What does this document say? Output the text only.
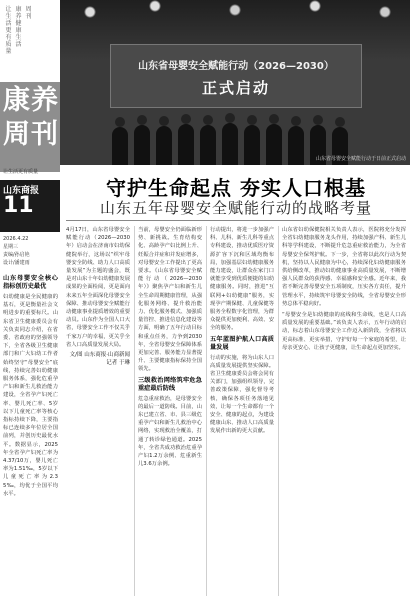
让生活更有质量
康养健康生活
周刊
康养
周刊
让生活更有质量
山东商报
11
2026.4.22
星期三
责编/孙启艳
设计/潘建雨
山东母婴安全核心指标创历史最优
妇幼健康是全民健康的基石，更是衡量社会文明进步的重要标尺。山东省卫生健康委员会有关负责同志介绍，在省委、省政府的坚强领导下，全省各级卫生健康部门和广大妇幼工作者始终坚守“母婴安全”底线，持续完善妇幼健康服务体系，强化危重孕产妇和新生儿救治能力建设，全省孕产妇死亡率、婴儿死亡率、5岁以下儿童死亡率等核心指标持续下降，主要指标已连续多年位居全国前列，并创历史最优水平。数据显示，2025年全省孕产妇死亡率为4.37/10万，婴儿死亡率为1.51‰，5岁以下儿童死亡率为2.35‰，均优于全国平均水平。
山东省母婴安全赋能行动（2026—2030）
正式启动
山东省母婴安全赋能行动于日前正式启动
守护生命起点 夯实人口根基
山东五年母婴安全赋能行动的战略考量
4月17日，山东省母婴安全赋能行动（2026—2030年）启动会在济南市妇幼保健院举行，这场以“织牢母婴安全防线、助力人口高质量发展”为主题的盛会，既是对山东十年妇幼健康发展成果的全面检阅，更是面向未来五年全面深化母婴安全保障、推动母婴安全赋能行动健康事业提质增效的重要动员。山东作为全国人口大省，母婴安全工作不仅关乎千家万户的幸福，更关乎全省人口高质量发展大局。
文/图 山东商报·山商新闻记者 于琳
当前，母婴安全仍面临新形势、新挑战。生育结构变化、高龄孕产妇比例上升、妊娠合并症和并发症增多，对母婴安全工作提出了更高要求。《山东省母婴安全赋能行动（2026—2030年）》聚焦孕产妇和新生儿全生命周期健康管理，从强化服务网络、提升救治能力、优化服务模式、加强质量管控、推进信息化建设等方面，明确了五年行动目标和重点任务，力争到2030年，全省母婴安全保障体系更加完善、服务能力显著提升、主要健康指标保持全国领先。
三级救治网络筑牢危急重症最后防线
危急重症救治，是母婴安全的最后一道防线。目前，山东已建立省、市、县三级危重孕产妇和新生儿救治中心网络，实现救治全覆盖，打通了转诊绿色通道。2025年，全省共成功救治危重孕产妇1.2万余例、危重新生儿3.6万余例。
行动提出，将进一步加强产科、儿科、新生儿科等重点专科建设，推动优质医疗资源扩容下沉和区域均衡布局，加强基层妇幼健康服务能力建设，让群众在家门口就能享受到优质便捷的妇幼健康服务。同时，推进“互联网+妇幼健康”服务，实现孕产期保健、儿童保健等服务全程数字化管理，为群众提供更加便利、高效、安全的服务。
五年蓝图护航人口高质量发展
行动的实施，将为山东人口高质量发展提供坚实保障。省卫生健康委员会将会同有关部门，加强组织领导，完善政策保障，强化督导考核，确保各项任务落地见效，让每一个生命都有一个安全、健康的起点，为建设健康山东、推动人口高质量发展作出新的更大贡献。
山东省妇幼保健院相关负责人表示，医院将充分发挥全省妇幼健康服务龙头作用，持续加强产科、新生儿科等学科建设，不断提升危急重症救治能力，为全省母婴安全保驾护航。下一步，全省将以此次行动为契机，坚持以人民健康为中心，持续深化妇幼健康服务供给侧改革，推动妇幼健康事业高质量发展，不断增强人民群众的获得感、幸福感和安全感。近年来，我省不断完善母婴安全五项制度，压实各方责任，提升管理水平，持续筑牢母婴安全防线，全省母婴安全形势总体平稳向好。
“母婴安全是妇幼健康的底线和生命线，也是人口高质量发展的重要基础。”该负责人表示，五年行动的启动，标志着山东母婴安全工作迈入新阶段，全省将以更高标准、更实举措，守护好每一个家庭的希望，让母亲更安心、让孩子更健康，让生命起点更加坚实。
